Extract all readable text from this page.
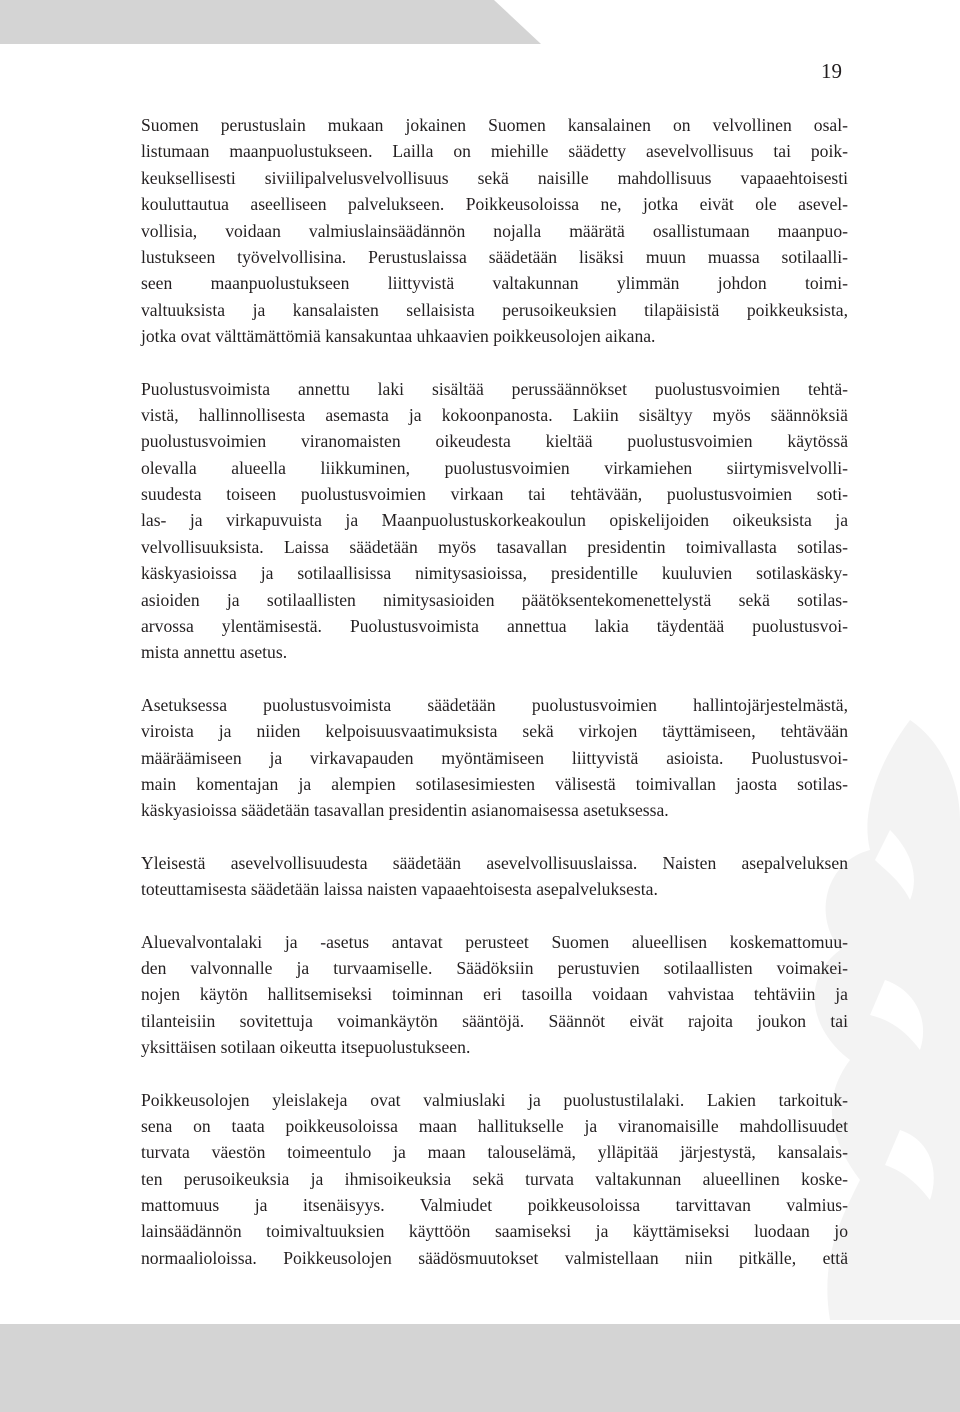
19
Suomen perustuslain mukaan jokainen Suomen kansalainen on velvollinen osal-
listumaan maanpuolustukseen. Lailla on miehille säädetty asevelvollisuus tai poik-
keuksellisesti siviilipalvelusvelvollisuus sekä naisille mahdollisuus vapaaehtoisesti
kouluttautua aseelliseen palvelukseen. Poikkeusoloissa ne, jotka eivät ole asevel-
vollisia, voidaan valmiuslainsäädännön nojalla määrätä osallistumaan maanpuo-
lustukseen työvelvollisina. Perustuslaissa säädetään lisäksi muun muassa sotilaalli-
seen maanpuolustukseen liittyvistä valtakunnan ylimmän johdon toimi-
valtuuksista ja kansalaisten sellaisista perusoikeuksien tilapäisistä poikkeuksista,
jotka ovat välttämättömiä kansakuntaa uhkaavien poikkeusolojen aikana.
Puolustusvoimista annettu laki sisältää perussäännökset puolustusvoimien tehtä-
vistä, hallinnollisesta asemasta ja kokoonpanosta. Lakiin sisältyy myös säännöksiä
puolustusvoimien viranomaisten oikeudesta kieltää puolustusvoimien käytössä
olevalla alueella liikkuminen, puolustusvoimien virkamiehen siirtymisvelvolli-
suudesta toiseen puolustusvoimien virkaan tai tehtävään, puolustusvoimien soti-
las- ja virkapuvuista ja Maanpuolustuskorkeakoulun opiskelijoiden oikeuksista ja
velvollisuuksista. Laissa säädetään myös tasavallan presidentin toimivallasta sotilas-
käskyasioissa ja sotilaallisissa nimitysasioissa, presidentille kuuluvien sotilaskäsky-
asioiden ja sotilaallisten nimitysasioiden päätöksentekomenettelystä sekä sotilas-
arvossa ylentämisestä. Puolustusvoimista annettua lakia täydentää puolustusvoi-
mista annettu asetus.
Asetuksessa puolustusvoimista säädetään puolustusvoimien hallintojärjestelmästä,
viroista ja niiden kelpoisuusvaatimuksista sekä virkojen täyttämiseen, tehtävään
määräämiseen ja virkavapauden myöntämiseen liittyvistä asioista. Puolustusvoi-
main komentajan ja alempien sotilasesimiesten välisestä toimivallan jaosta sotilas-
käskyasioissa säädetään tasavallan presidentin asianomaisessa asetuksessa.
Yleisestä asevelvollisuudesta säädetään asevelvollisuuslaissa. Naisten asepalveluksen
toteuttamisesta säädetään laissa naisten vapaaehtoisesta asepalveluksesta.
Aluevalvontalaki ja -asetus antavat perusteet Suomen alueellisen koskemattomuu-
den valvonnalle ja turvaamiselle. Säädöksiin perustuvien sotilaallisten voimakei-
nojen käytön hallitsemiseksi toiminnan eri tasoilla voidaan vahvistaa tehtäviin ja
tilanteisiin sovitettuja voimankäytön sääntöjä. Säännöt eivät rajoita joukon tai
yksittäisen sotilaan oikeutta itsepuolustukseen.
Poikkeusolojen yleislakeja ovat valmiuslaki ja puolustustilalaki. Lakien tarkoituk-
sena on taata poikkeusoloissa maan hallitukselle ja viranomaisille mahdollisuudet
turvata väestön toimeentulo ja maan talouselämä, ylläpitää järjestystä, kansalais-
ten perusoikeuksia ja ihmisoikeuksia sekä turvata valtakunnan alueellinen koske-
mattomuus ja itsenäisyys. Valmiudet poikkeusoloissa tarvittavan valmius-
lainsäädännön toimivaltuuksien käyttöön saamiseksi ja käyttämiseksi luodaan jo
normaalioloissa. Poikkeusolojen säädösmuutokset valmistellaan niin pitkälle, että
